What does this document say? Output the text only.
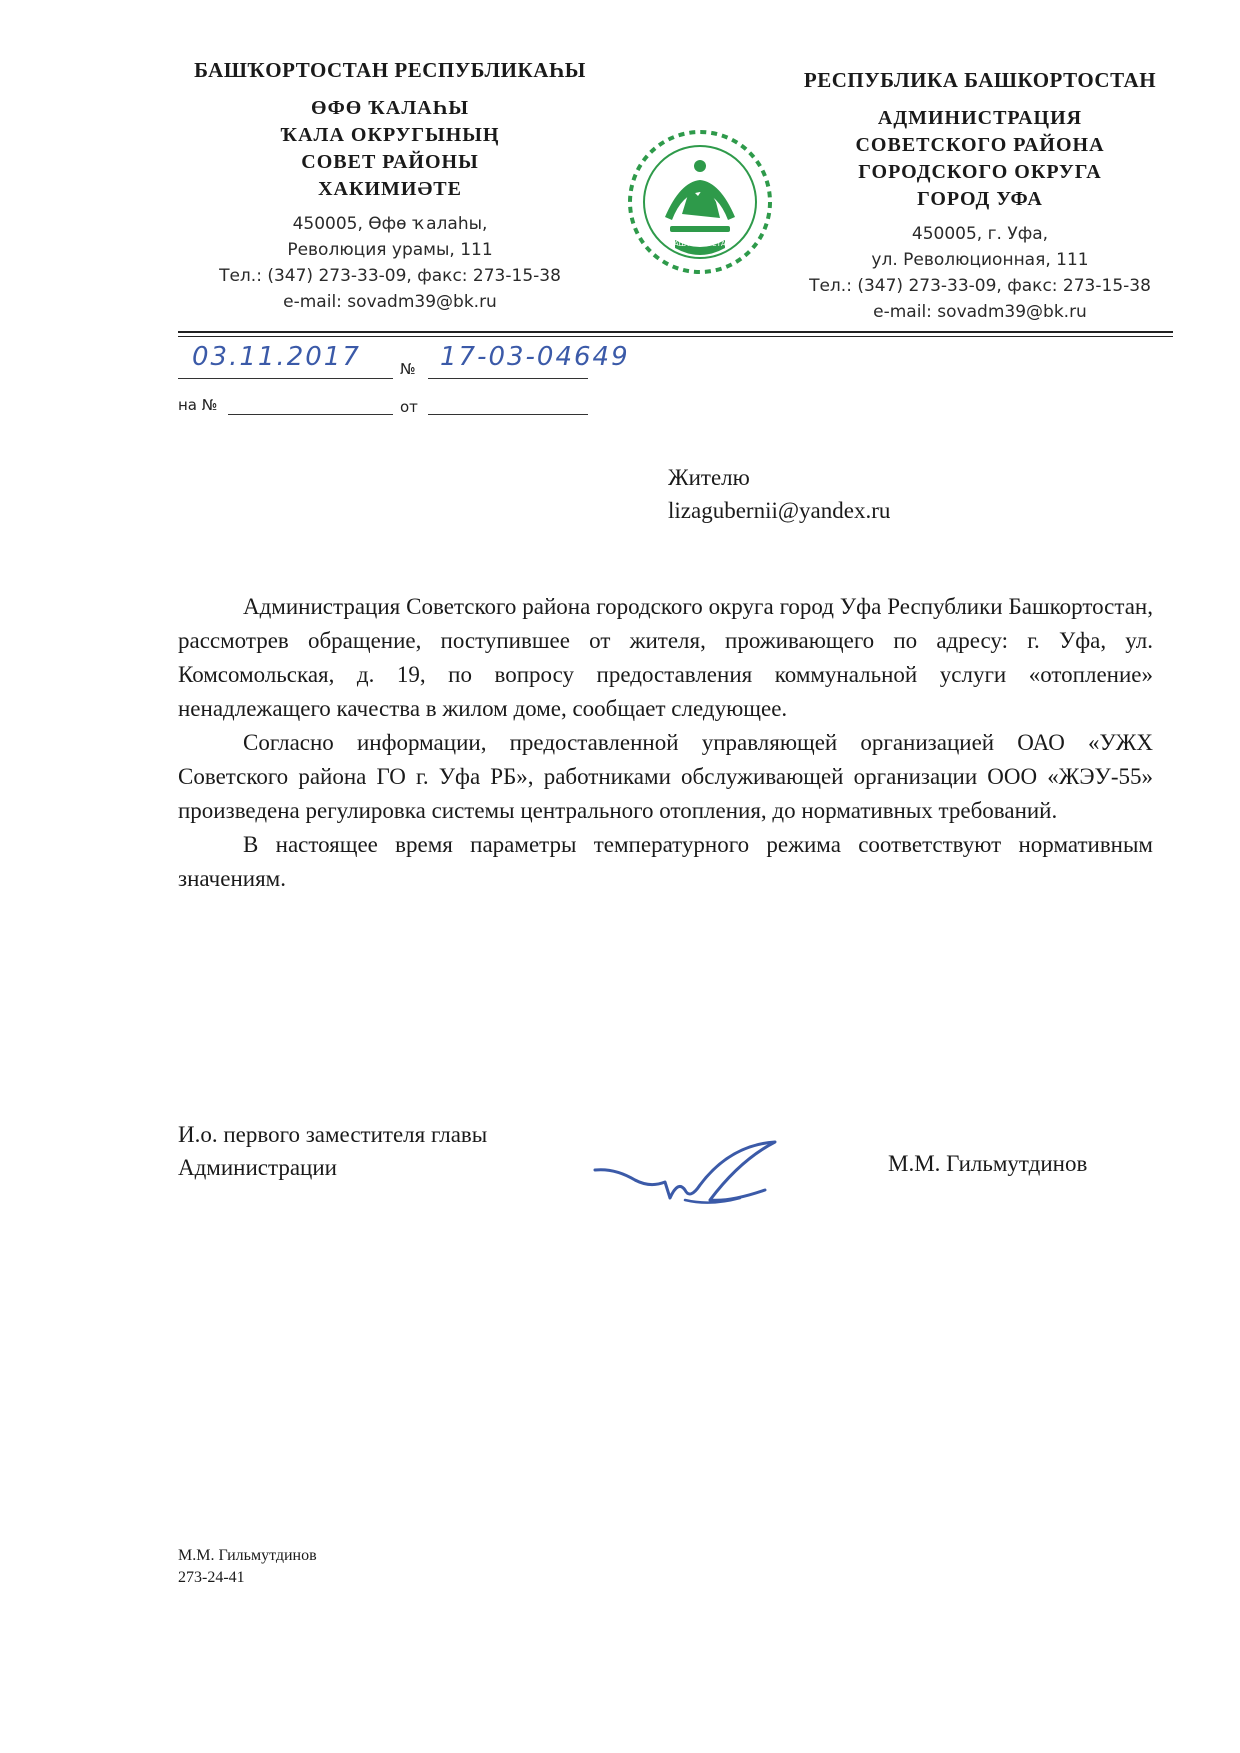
БАШҠОРТОСТАН РЕСПУБЛИКАҺЫ
ӨФӨ ҠАЛАҺЫ
ҠАЛА ОКРУГЫНЫҢ
СОВЕТ РАЙОНЫ
ХАКИМИӘТЕ
450005, Өфө ҡалаһы,
Революция урамы, 111
Тел.: (347) 273-33-09, факс: 273-15-38
e-mail: sovadm39@bk.ru
БАШҠОРТОСТАН
РЕСПУБЛИКА БАШКОРТОСТАН
АДМИНИСТРАЦИЯ
СОВЕТСКОГО РАЙОНА
ГОРОДСКОГО ОКРУГА
ГОРОД УФА
450005, г. Уфа,
ул. Революционная, 111
Тел.: (347) 273-33-09, факс: 273-15-38
e-mail: sovadm39@bk.ru
03.11.2017	№ 17-03-04649
на №	от
Жителю
lizagubernii@yandex.ru

Администрация Советского района городского округа город Уфа Республики Башкортостан, рассмотрев обращение, поступившее от жителя, проживающего по адресу: г. Уфа, ул. Комсомольская, д. 19, по вопросу предоставления коммунальной услуги «отопление» ненадлежащего качества в жилом доме, сообщает следующее.

Согласно информации, предоставленной управляющей организацией ОАО «УЖХ Советского района ГО г. Уфа РБ», работниками обслуживающей организации ООО «ЖЭУ-55» произведена регулировка системы центрального отопления, до нормативных требований.

В настоящее время параметры температурного режима соответствуют нормативным значениям.

И.о. первого заместителя главы
Администрации	М.М. Гильмутдинов
М.М. Гильмутдинов
273-24-41
